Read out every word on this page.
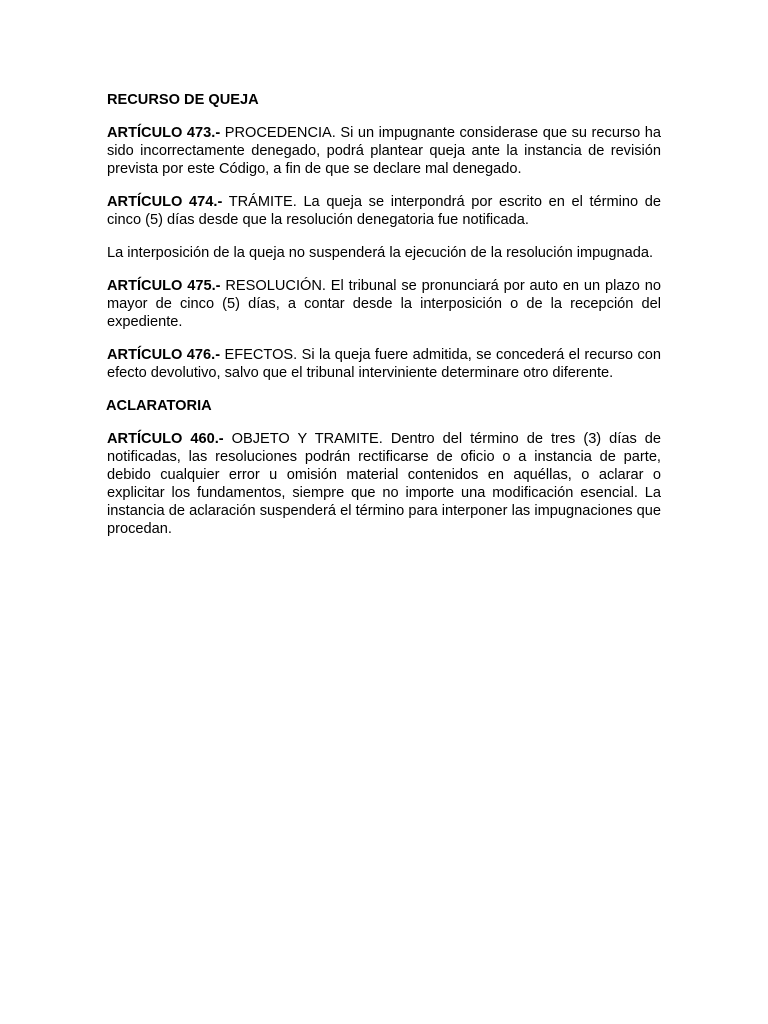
RECURSO DE QUEJA

ARTÍCULO 473.- PROCEDENCIA. Si un impugnante considerase que su recurso ha sido incorrectamente denegado, podrá plantear queja ante la instancia de revisión prevista por este Código, a fin de que se declare mal denegado.

ARTÍCULO 474.- TRÁMITE. La queja se interpondrá por escrito en el término de cinco (5) días desde que la resolución denegatoria fue notificada.

La interposición de la queja no suspenderá la ejecución de la resolución impugnada.

ARTÍCULO 475.- RESOLUCIÓN. El tribunal se pronunciará por auto en un plazo no mayor de cinco (5) días, a contar desde la interposición o de la recepción del expediente.

ARTÍCULO 476.- EFECTOS. Si la queja fuere admitida, se concederá el recurso con efecto devolutivo, salvo que el tribunal interviniente determinare otro diferente.

ACLARATORIA

ARTÍCULO 460.- OBJETO Y TRAMITE. Dentro del término de tres (3) días de notificadas, las resoluciones podrán rectificarse de oficio o a instancia de parte, debido cualquier error u omisión material contenidos en aquéllas, o aclarar o explicitar los fundamentos, siempre que no importe una modificación esencial. La instancia de aclaración suspenderá el término para interponer las impugnaciones que procedan.
